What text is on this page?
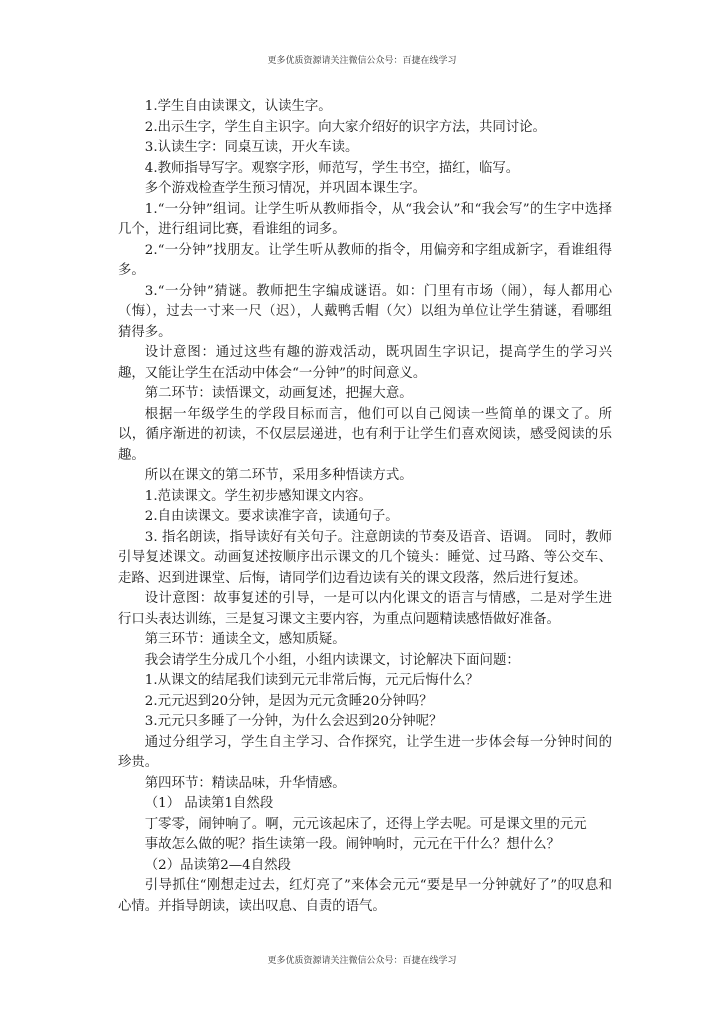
更多优质资源请关注微信公众号：百捷在线学习

1.学生自由读课文，认读生字。

2.出示生字，学生自主识字。向大家介绍好的识字方法，共同讨论。

3.认读生字：同桌互读，开火车读。

4.教师指导写字。观察字形，师范写，学生书空，描红，临写。

多个游戏检查学生预习情况，并巩固本课生字。

1.“一分钟”组词。让学生听从教师指令，从“我会认”和“我会写”的生字中选择几个，进行组词比赛，看谁组的词多。

2.“一分钟”找朋友。让学生听从教师的指令，用偏旁和字组成新字，看谁组得多。

3.“一分钟”猜谜。教师把生字编成谜语。如：门里有市场（闹），每人都用心（悔），过去一寸来一尺（迟），人戴鸭舌帽（欠）以组为单位让学生猜谜，看哪组猜得多。

设计意图：通过这些有趣的游戏活动，既巩固生字识记，提高学生的学习兴趣，又能让学生在活动中体会“一分钟”的时间意义。

第二环节：读悟课文，动画复述，把握大意。

根据一年级学生的学段目标而言，他们可以自己阅读一些简单的课文了。所以，循序渐进的初读，不仅层层递进，也有利于让学生们喜欢阅读，感受阅读的乐趣。

所以在课文的第二环节，采用多种悟读方式。

1.范读课文。学生初步感知课文内容。

2.自由读课文。要求读准字音，读通句子。

3. 指名朗读，指导读好有关句子。注意朗读的节奏及语音、语调。 同时，教师引导复述课文。动画复述按顺序出示课文的几个镜头：睡觉、过马路、等公交车、走路、迟到进课堂、后悔，请同学们边看边读有关的课文段落，然后进行复述。

设计意图：故事复述的引导，一是可以内化课文的语言与情感，二是对学生进行口头表达训练，三是复习课文主要内容，为重点问题精读感悟做好准备。

第三环节：通读全文，感知质疑。

我会请学生分成几个小组，小组内读课文，讨论解决下面问题：

1.从课文的结尾我们读到元元非常后悔，元元后悔什么？

2.元元迟到20分钟，是因为元元贪睡20分钟吗？

3.元元只多睡了一分钟，为什么会迟到20分钟呢？

通过分组学习，学生自主学习、合作探究，让学生进一步体会每一分钟时间的珍贵。

第四环节：精读品味，升华情感。

（1） 品读第1自然段

丁零零，闹钟响了。啊，元元该起床了，还得上学去呢。可是课文里的元元

事故怎么做的呢？指生读第一段。闹钟响时，元元在干什么？想什么？

（2）品读第2—4自然段

引导抓住“刚想走过去，红灯亮了”来体会元元“要是早一分钟就好了”的叹息和心情。并指导朗读，读出叹息、自责的语气。

更多优质资源请关注微信公众号：百捷在线学习
